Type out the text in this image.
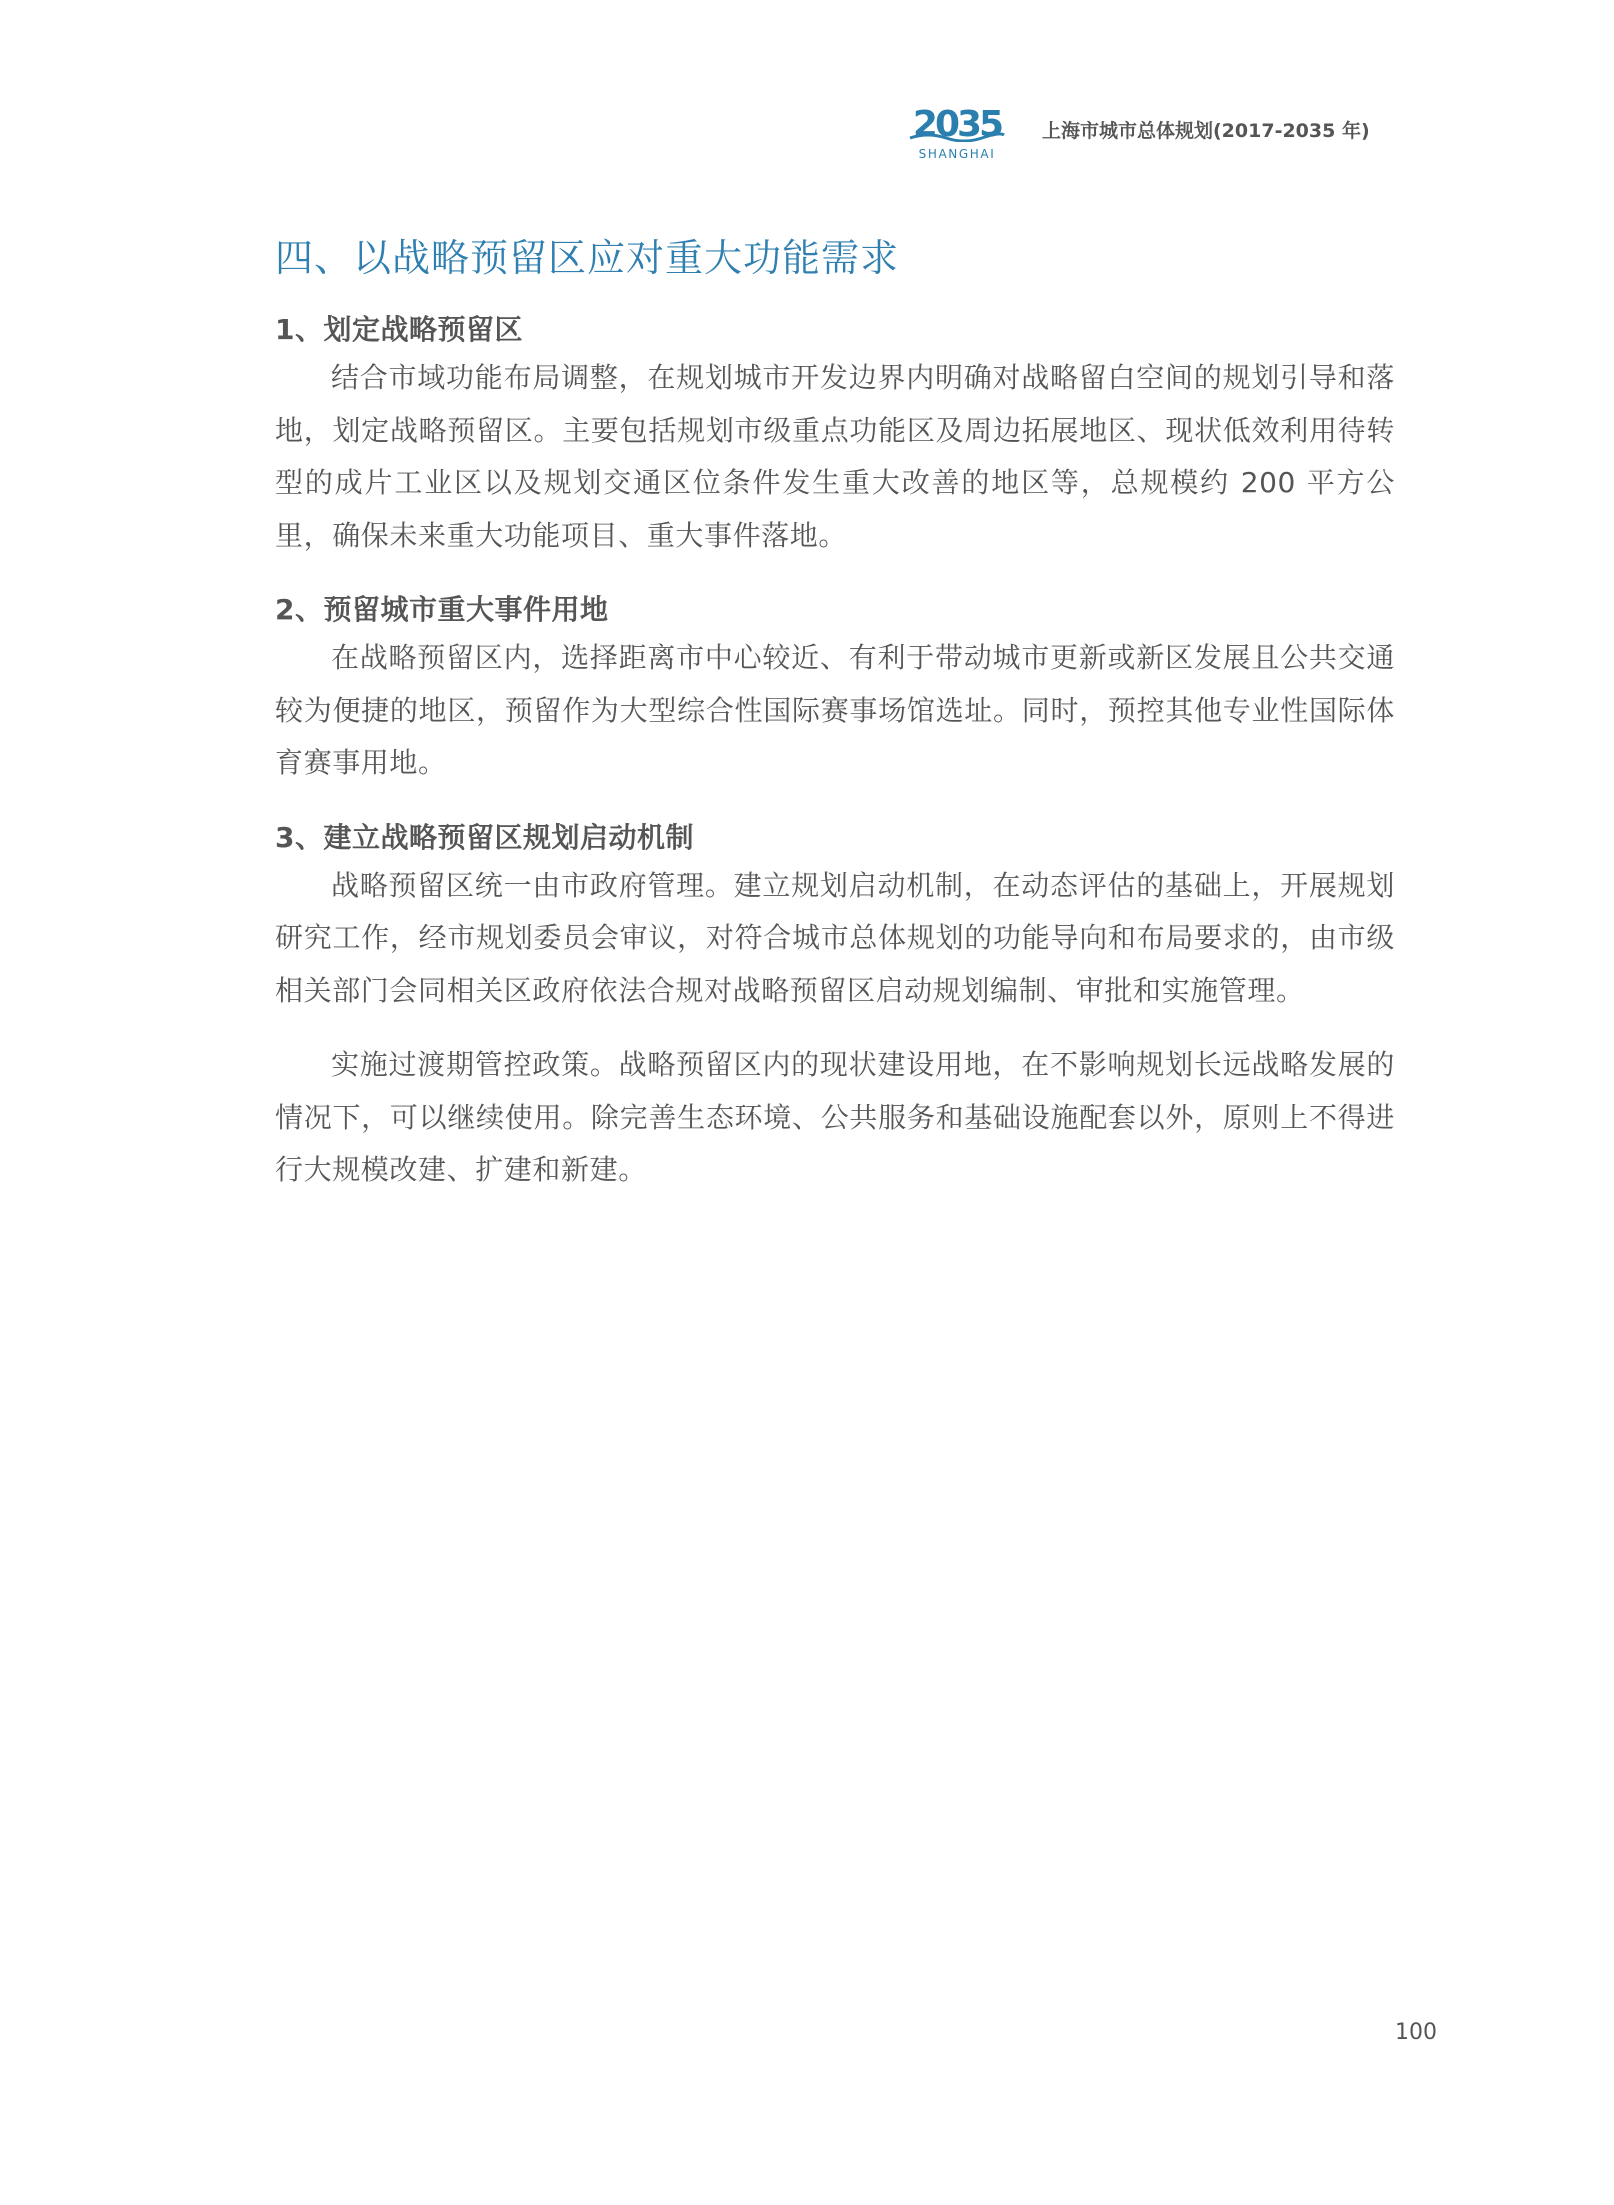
2035
SHANGHAI
上海市城市总体规划(2017-2035 年)
四、以战略预留区应对重大功能需求
1、划定战略预留区

结合市域功能布局调整，在规划城市开发边界内明确对战略留白空间的规划引导和落地，划定战略预留区。主要包括规划市级重点功能区及周边拓展地区、现状低效利用待转型的成片工业区以及规划交通区位条件发生重大改善的地区等，总规模约 200 平方公里，确保未来重大功能项目、重大事件落地。

2、预留城市重大事件用地

在战略预留区内，选择距离市中心较近、有利于带动城市更新或新区发展且公共交通较为便捷的地区，预留作为大型综合性国际赛事场馆选址。同时，预控其他专业性国际体育赛事用地。

3、建立战略预留区规划启动机制

战略预留区统一由市政府管理。建立规划启动机制，在动态评估的基础上，开展规划研究工作，经市规划委员会审议，对符合城市总体规划的功能导向和布局要求的，由市级相关部门会同相关区政府依法合规对战略预留区启动规划编制、审批和实施管理。

实施过渡期管控政策。战略预留区内的现状建设用地，在不影响规划长远战略发展的情况下，可以继续使用。除完善生态环境、公共服务和基础设施配套以外，原则上不得进行大规模改建、扩建和新建。

100
